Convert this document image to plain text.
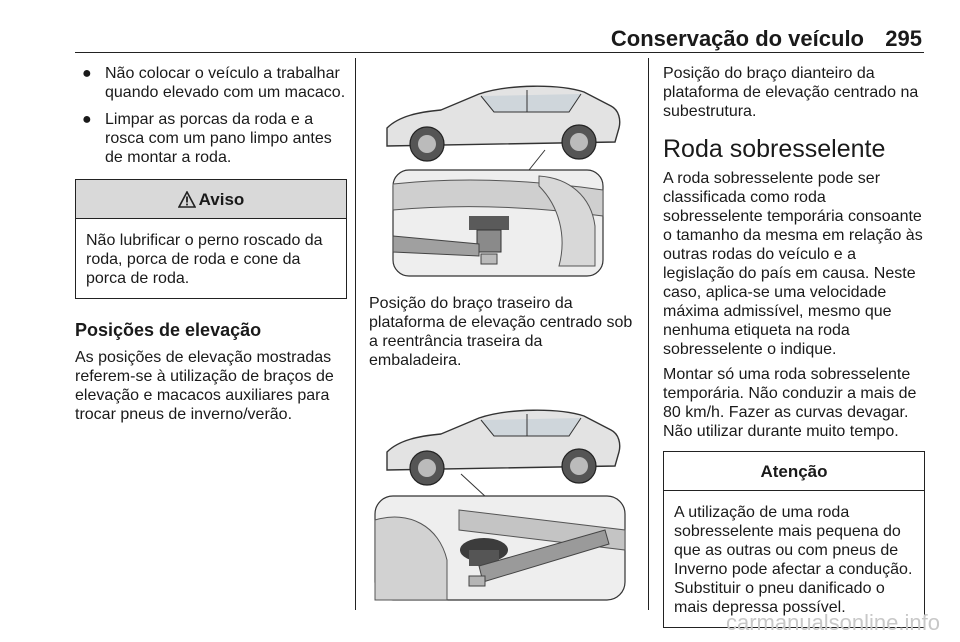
Conservação do veículo 295
● Não colocar o veículo a trabalhar quando elevado com um macaco.
● Limpar as porcas da roda e a rosca com um pano limpo antes de montar a roda.
Aviso
Não lubrificar o perno roscado da roda, porca de roda e cone da porca de roda.
Posições de elevação

As posições de elevação mostradas referem-se à utilização de braços de elevação e macacos auxiliares para trocar pneus de inverno/verão.

Posição do braço traseiro da plataforma de elevação centrado sob a reentrância traseira da embaladeira.

Posição do braço dianteiro da plataforma de elevação centrado na subestrutura.

Roda sobresselente

A roda sobresselente pode ser classificada como roda sobresselente temporária consoante o tamanho da mesma em relação às outras rodas do veículo e a legislação do país em causa. Neste caso, aplica-se uma velocidade máxima admissível, mesmo que nenhuma etiqueta na roda sobresselente o indique.

Montar só uma roda sobresselente temporária. Não conduzir a mais de 80 km/h. Fazer as curvas devagar. Não utilizar durante muito tempo.

Atenção
A utilização de uma roda sobresselente mais pequena do que as outras ou com pneus de Inverno pode afectar a condução. Substituir o pneu danificado o mais depressa possível.
carmanualsonline.info
